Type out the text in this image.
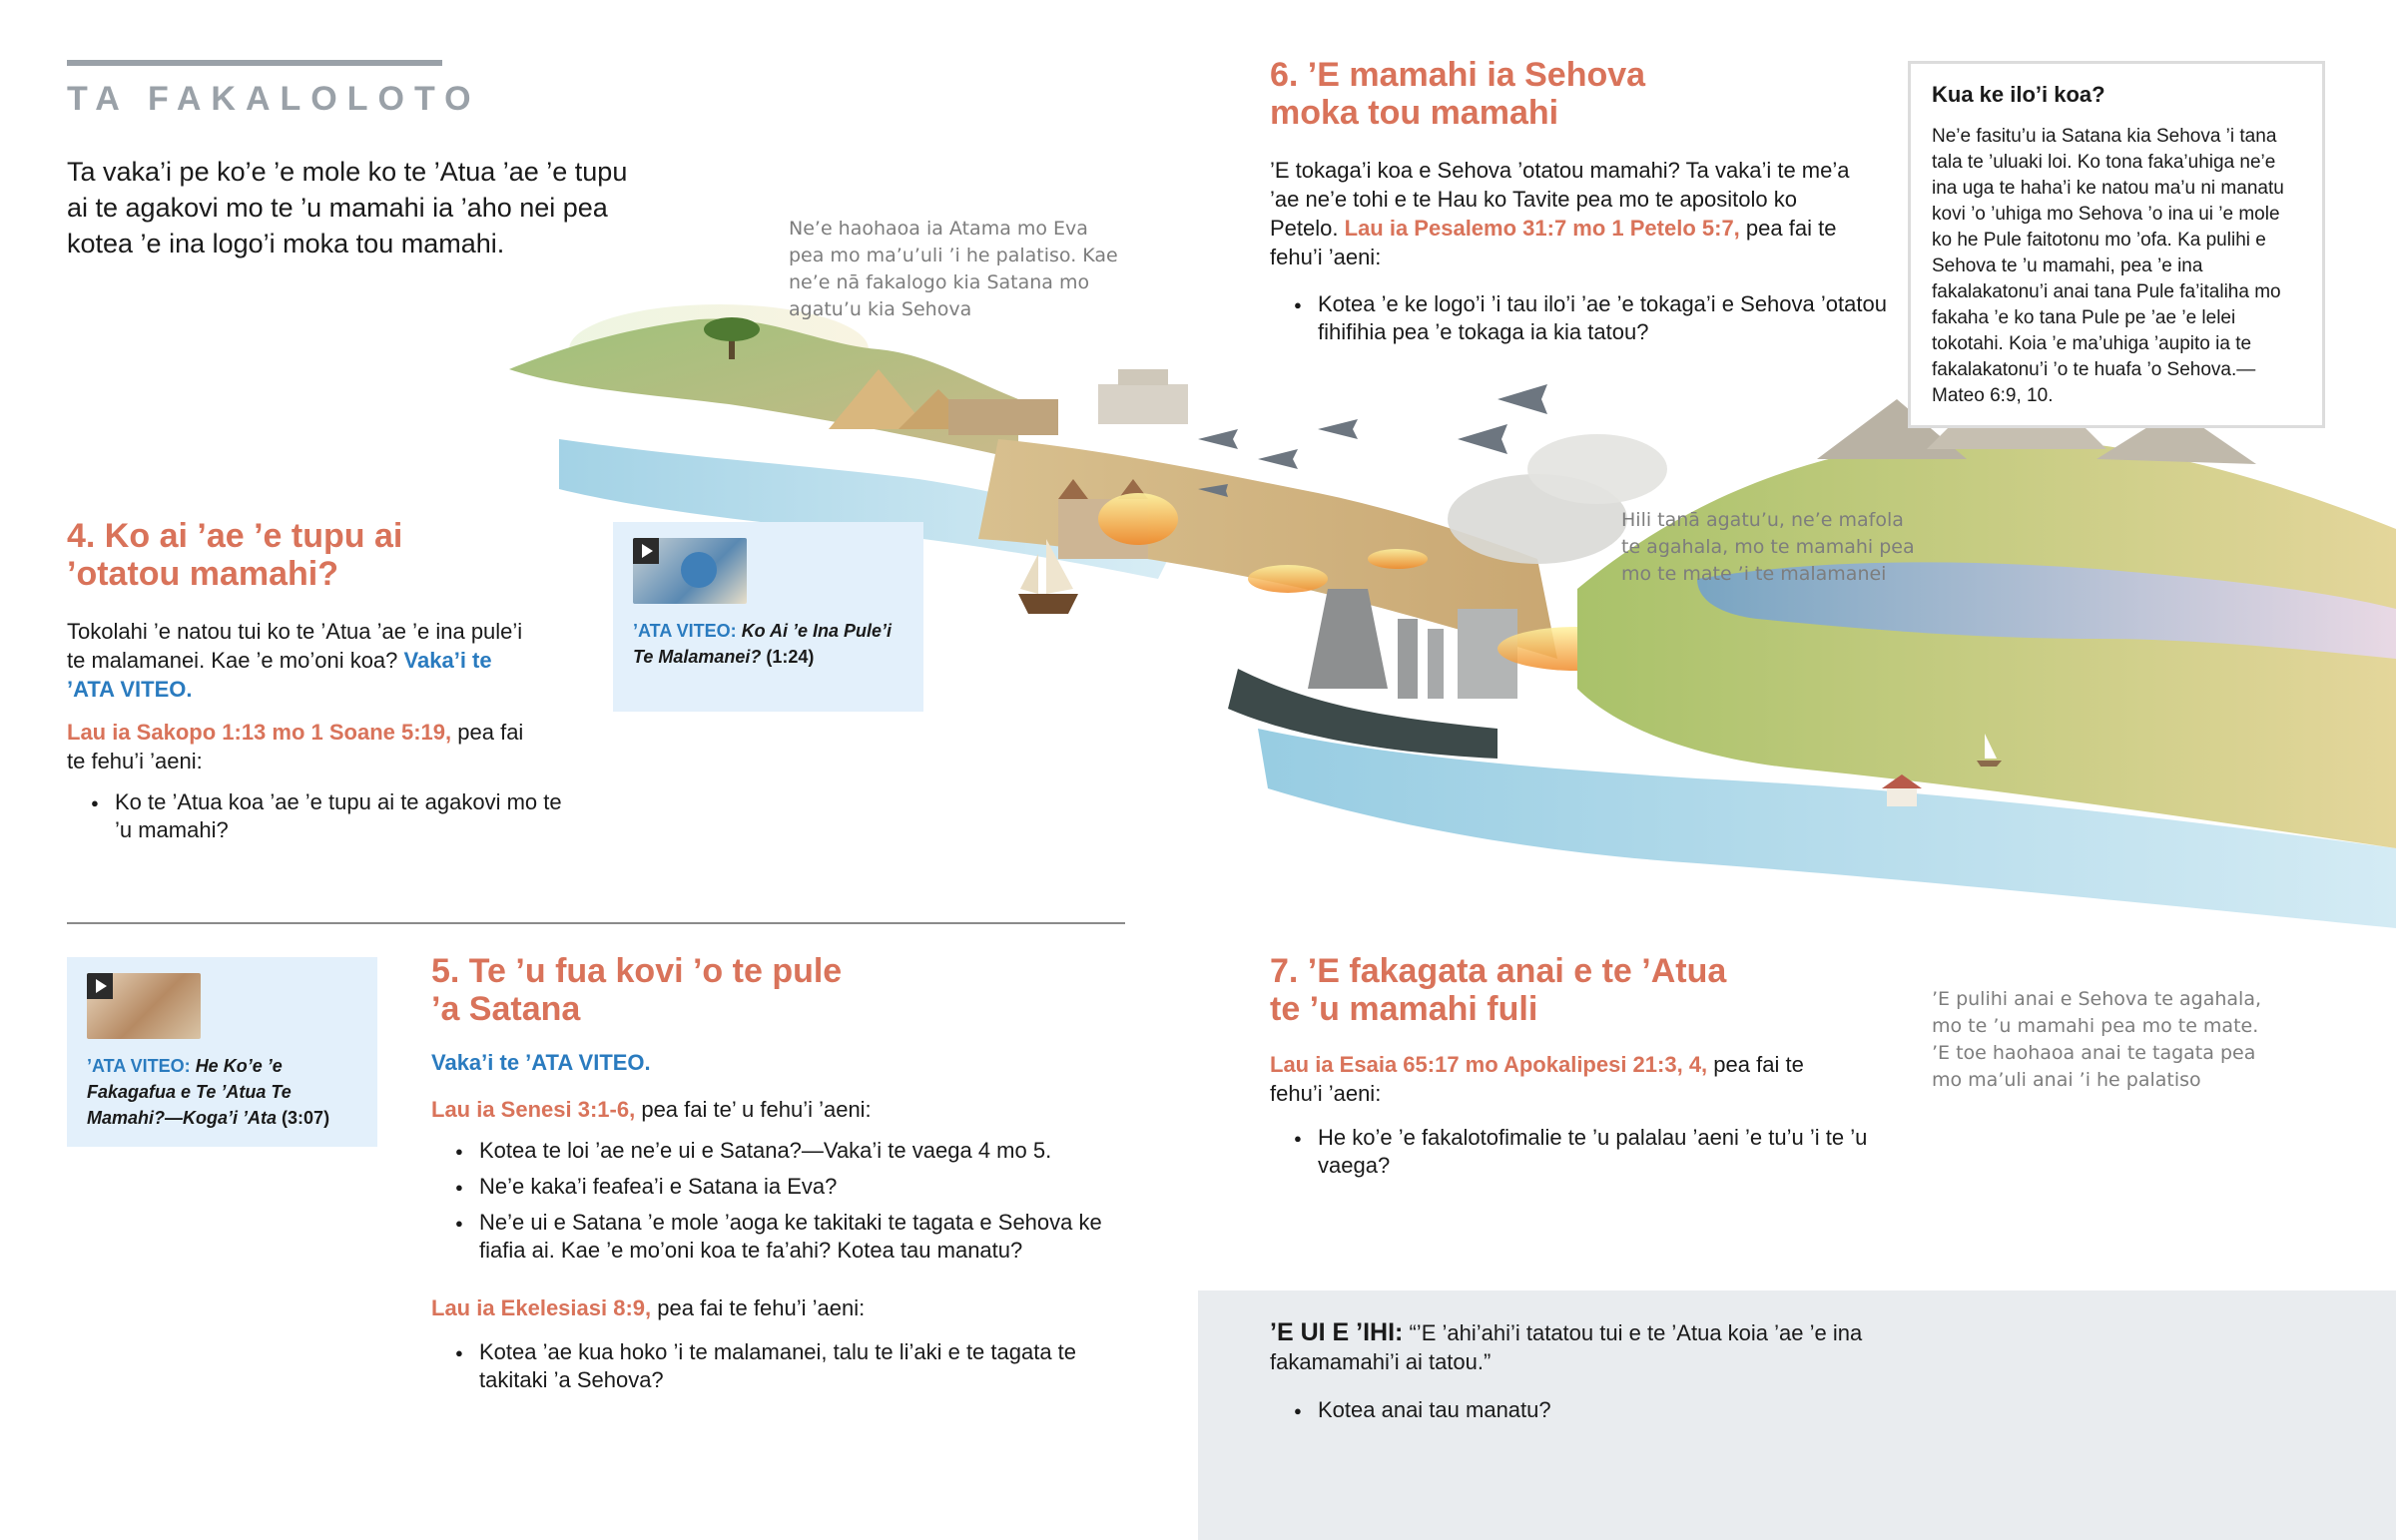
TA FAKALOLOTO
Ta vaka’i pe ko’e ’e mole ko te ’Atua ’ae ’e tupu ai te agakovi mo te ’u mamahi ia ’aho nei pea kotea ’e ina logo’i moka tou mamahi.	Ne’e haohaoa ia Atama mo Eva pea mo ma’u’uli ’i he palatiso. Kae ne’e nā fakalogo kia Satana mo agatu’u kia Sehova
Hili tanā agatu’u, ne’e mafola te agahala, mo te mamahi pea mo te mate ’i te malamanei
’E pulihi anai e Sehova te agahala, mo te ’u mamahi pea mo te mate. ’E toe haohaoa anai te tagata pea mo ma’uli anai ’i he palatiso
4. Ko ai ’ae ’e tupu ai ’otatou mamahi?
Tokolahi ’e natou tui ko te ’Atua ’ae ’e ina pule’i te malamanei. Kae ’e mo’oni koa? Vaka’i te ’ATA VITEO.
Lau ia Sakopo 1:13 mo 1 Soane 5:19, pea fai te fehu’i ’aeni:
● Ko te ’Atua koa ’ae ’e tupu ai te agakovi mo te ’u mamahi?
’ATA VITEO: Ko Ai ’e Ina Pule’i Te Malamanei? (1:24)
’ATA VITEO: He Ko’e ’e Fakagafua e Te ’Atua Te Mamahi?—Koga’i ’Ata (3:07)
5. Te ’u fua kovi ’o te pule ’a Satana
Vaka’i te ’ATA VITEO.
Lau ia Senesi 3:1-6, pea fai te’ u fehu’i ’aeni:
● Kotea te loi ’ae ne’e ui e Satana?—Vaka’i te vaega 4 mo 5.
● Ne’e kaka’i feafea’i e Satana ia Eva?
● Ne’e ui e Satana ’e mole ’aoga ke takitaki te tagata e Sehova ke fiafia ai. Kae ’e mo’oni koa te fa’ahi? Kotea tau manatu?
Lau ia Ekelesiasi 8:9, pea fai te fehu’i ’aeni:
● Kotea ’ae kua hoko ’i te malamanei, talu te li’aki e te tagata te takitaki ’a Sehova?
6. ’E mamahi ia Sehova moka tou mamahi
’E tokaga’i koa e Sehova ’otatou mamahi? Ta vaka’i te me’a ’ae ne’e tohi e te Hau ko Tavite pea mo te apositolo ko Petelo. Lau ia Pesalemo 31:7 mo 1 Petelo 5:7, pea fai te fehu’i ’aeni:
● Kotea ’e ke logo’i ’i tau ilo’i ’ae ’e tokaga’i e Sehova ’otatou fihifihia pea ’e tokaga ia kia tatou?
Kua ke ilo’i koa?
Ne’e fasitu’u ia Satana kia Sehova ’i tana tala te ’uluaki loi. Ko tona faka’uhiga ne’e ina uga te haha’i ke natou ma’u ni manatu kovi ’o ’uhiga mo Sehova ’o ina ui ’e mole ko he Pule faitotonu mo ’ofa. Ka pulihi e Sehova te ’u mamahi, pea ’e ina fakalakatonu’i anai tana Pule fa’italiha mo fakaha ’e ko tana Pule pe ’ae ’e lelei tokotahi. Koia ’e ma’uhiga ’aupito ia te fakalakatonu’i ’o te huafa ’o Sehova.—Mateo 6:9, 10.
7. ’E fakagata anai e te ’Atua te ’u mamahi fuli
Lau ia Esaia 65:17 mo Apokalipesi 21:3, 4, pea fai te fehu’i ’aeni:
● He ko’e ’e fakalotofimalie te ’u palalau ’aeni ’e tu’u ’i te ’u vaega?
’E UI E ’IHI: “’E ’ahi’ahi’i tatatou tui e te ’Atua koia ’ae ’e ina fakamamahi’i ai tatou.”
● Kotea anai tau manatu?
